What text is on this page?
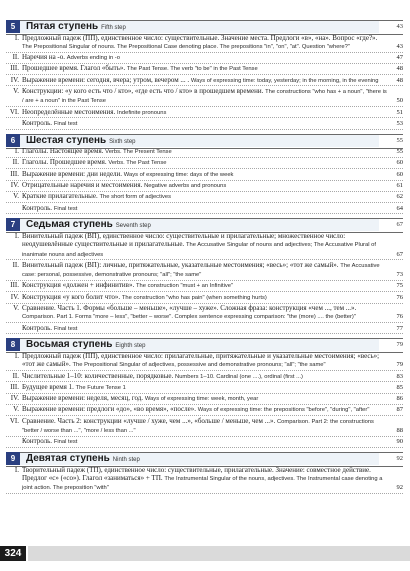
5	Пятая ступень Fifth step	43
I. Предложный падеж (ПП), единственное число: существительные. Значение места. Предлоги «в», «на». Вопрос «где?». The Prepositional Singular of nouns. The Prepositional Case denoting place. The prepositions "in", "on", "at". Question "where?"	43
II. Наречия на -о. Adverbs ending in -o	47
III. Прошедшее время. Глагол «быть». The Past Tense. The verb "to be" in the Past Tense	48
IV. Выражение времени: сегодня, вчера; утром, вечером ... . Ways of expressing time: today, yesterday; in the morning, in the evening	48
V. Конструкции: «у кого есть что / кто», «где есть что / кто» в прошедшем времени. The constructions "who has + a noun", "there is / are + a noun" in the Past Tense	50
VI. Неопределённые местоимения. Indefinite pronouns	51
Контроль. Final test	53
6	Шестая ступень Sixth step	55
I. Глаголы. Настоящее время. Verbs. The Present Tense	55
II. Глаголы. Прошедшее время. Verbs. The Past Tense	60
III. Выражение времени: дни недели. Ways of expressing time: days of the week	60
IV. Отрицательные наречия и местоимения. Negative adverbs and pronouns	61
V. Краткие прилагательные. The short form of adjectives	62
Контроль. Final test	64
7	Седьмая ступень Seventh step	67
I. Винительный падеж (ВП), единственное число: существительные и прилагательные; множественное число: неодушевлённые существительные и прилагательные. The Accusative Singular of nouns and adjectives; The Accusative Plural of inanimate nouns and adjectives	67
II. Винительный падеж (ВП): личные, притяжательные, указательные местоимения; «весь»; «тот же самый». The Accusative case: personal, possessive, demonstrative pronouns; "all"; "the same"	73
III. Конструкция «должен + инфинитив». The construction "must + an Infinitive"	75
IV. Конструкция «у кого болит что». The construction "who has pain" (when something hurts)	76
V. Сравнение. Часть 1. Формы «больше – меньше», «лучше – хуже». Сложная фраза: конструкция «чем ..., тем ...». Comparison. Part 1. Forms "more – less", "better – worse". Complex sentence expressing comparison: "the (more) .... the (better)"	76
Контроль. Final test	77
8	Восьмая ступень Eighth step	79
I. Предложный падеж (ПП), единственное число: прилагательные, притяжательные и указательные местоимения; «весь»; «тот же самый». The Prepositional Singular of adjectives, possessive and demonstrative pronouns; "all"; "the same"	79
II. Числительные 1–10: количественные, порядковые. Numbers 1–10. Cardinal (one ....), ordinal (first ...)	83
III. Будущее время 1. The Future Tense 1	85
IV. Выражение времени: неделя, месяц, год. Ways of expressing time: week, month, year	86
V. Выражение времени: предлоги «до», «во время», «после». Ways of expressing time: the prepositions "before", "during", "after"	87
VI. Сравнение. Часть 2: конструкции «лучше / хуже, чем ...», «больше / меньше, чем ...». Comparison. Part 2: the constructions "better / worse than ...", "more / less than ..."	88
Контроль. Final test	90
9	Девятая ступень Ninth step	92
I. Творительный падеж (ТП), единственное число: существительные, прилагательные. Значение: совместное действие. Предлог «с» («со»). Глагол «заниматься» + ТП. The Instrumental Singular of the nouns, adjectives. The Instrumental case denoting a joint action. The preposition "with"	92
324
